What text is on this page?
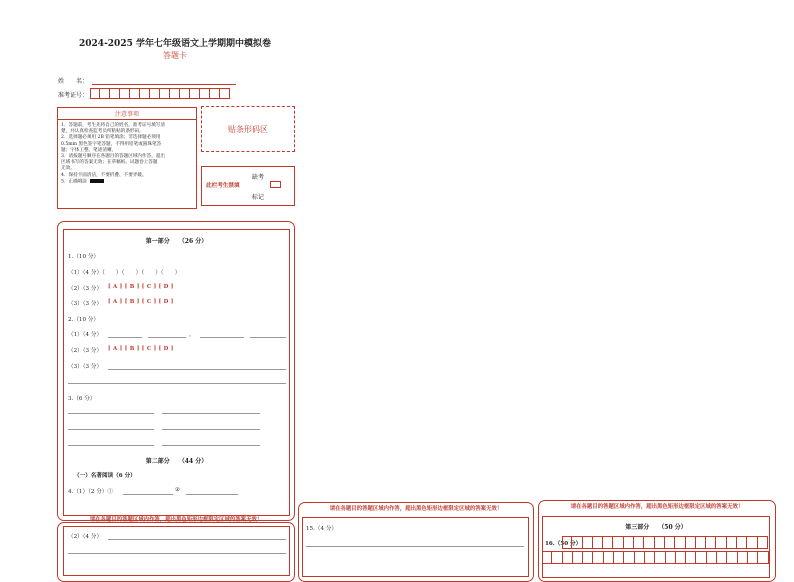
2024-2025 学年七年级语文上学期期中模拟卷
答题卡
姓　　名：
准考证号：
注意事项
1．答题前，考生先将自己的姓名，准考证号填写清
楚，并认真检查监考员所粘贴的条形码。
2．选择题必须用 2B 铅笔填涂；非选择题必须用
0.5mm 黑色签字笔答题，不得用铅笔或圆珠笔答
题；字体工整、笔迹清晰。
3．请按题号顺序在各题目的答题区域内作答，超出
区域书写的答案无效；在草稿纸、试题卷上答题
无效。
4．保持卡面清洁，不要折叠、不要弄破。
5．正确填涂
贴条形码区
缺考
此栏考生禁填
标记
第一部分　　（26 分）
1.（10 分）
（1）（4 分）（　　）（　　）（　　）（　　）
（2）（3 分） [ A ] [ B ] [ C ] [ D ]
（3）（3 分） [ A ] [ B ] [ C ] [ D ]
2.（10 分）
（1）（4 分）	，
（2）（3 分） [ A ] [ B ] [ C ] [ D ]
（3）（3 分）
3.（6 分）
第二部分　　（44 分）
（一）名著阅读（6 分）
4.（1）（2 分）①	②
请在各题目的答题区域内作答，超出黑色矩形边框限定区域的答案无效！
（2）（4 分）
请在各题目的答题区域内作答，超出黑色矩形边框限定区域的答案无效！
15.（4 分）
请在各题目的答题区域内作答，超出黑色矩形边框限定区域的答案无效！
第三部分　　（50 分）
16.（50 分）
